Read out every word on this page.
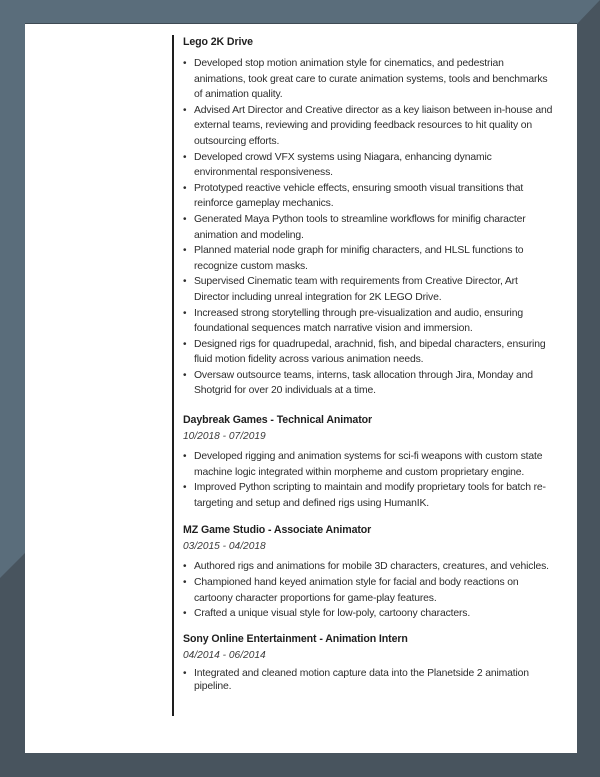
Lego 2K Drive
• Developed stop motion animation style for cinematics, and pedestrian animations, took great care to curate animation systems, tools and benchmarks of animation quality.
• Advised Art Director and Creative director as a key liaison between in-house and external teams, reviewing and providing feedback resources to hit quality on outsourcing efforts.
• Developed crowd VFX systems using Niagara, enhancing dynamic environmental responsiveness.
• Prototyped reactive vehicle effects, ensuring smooth visual transitions that reinforce gameplay mechanics.
• Generated Maya Python tools to streamline workflows for minifig character animation and modeling.
• Planned material node graph for minifig characters, and HLSL functions to recognize custom masks.
• Supervised Cinematic team with requirements from Creative Director, Art Director including unreal integration for 2K LEGO Drive.
• Increased strong storytelling through pre-visualization and audio, ensuring foundational sequences match narrative vision and immersion.
• Designed rigs for quadrupedal, arachnid, fish, and bipedal characters, ensuring fluid motion fidelity across various animation needs.
• Oversaw outsource teams, interns, task allocation through Jira, Monday and Shotgrid for over 20 individuals at a time.
Daybreak Games - Technical Animator
10/2018 - 07/2019
• Developed rigging and animation systems for sci-fi weapons with custom state machine logic integrated within morpheme and custom proprietary engine.
• Improved Python scripting to maintain and modify proprietary tools for batch re-targeting and setup and defined rigs using HumanIK.
MZ Game Studio - Associate Animator
03/2015 - 04/2018
• Authored rigs and animations for mobile 3D characters, creatures, and vehicles.
• Championed hand keyed animation style for facial and body reactions on cartoony character proportions for game-play features.
• Crafted a unique visual style for low-poly, cartoony characters.
Sony Online Entertainment - Animation Intern
04/2014 - 06/2014
• Integrated and cleaned motion capture data into the Planetside 2 animation pipeline.
